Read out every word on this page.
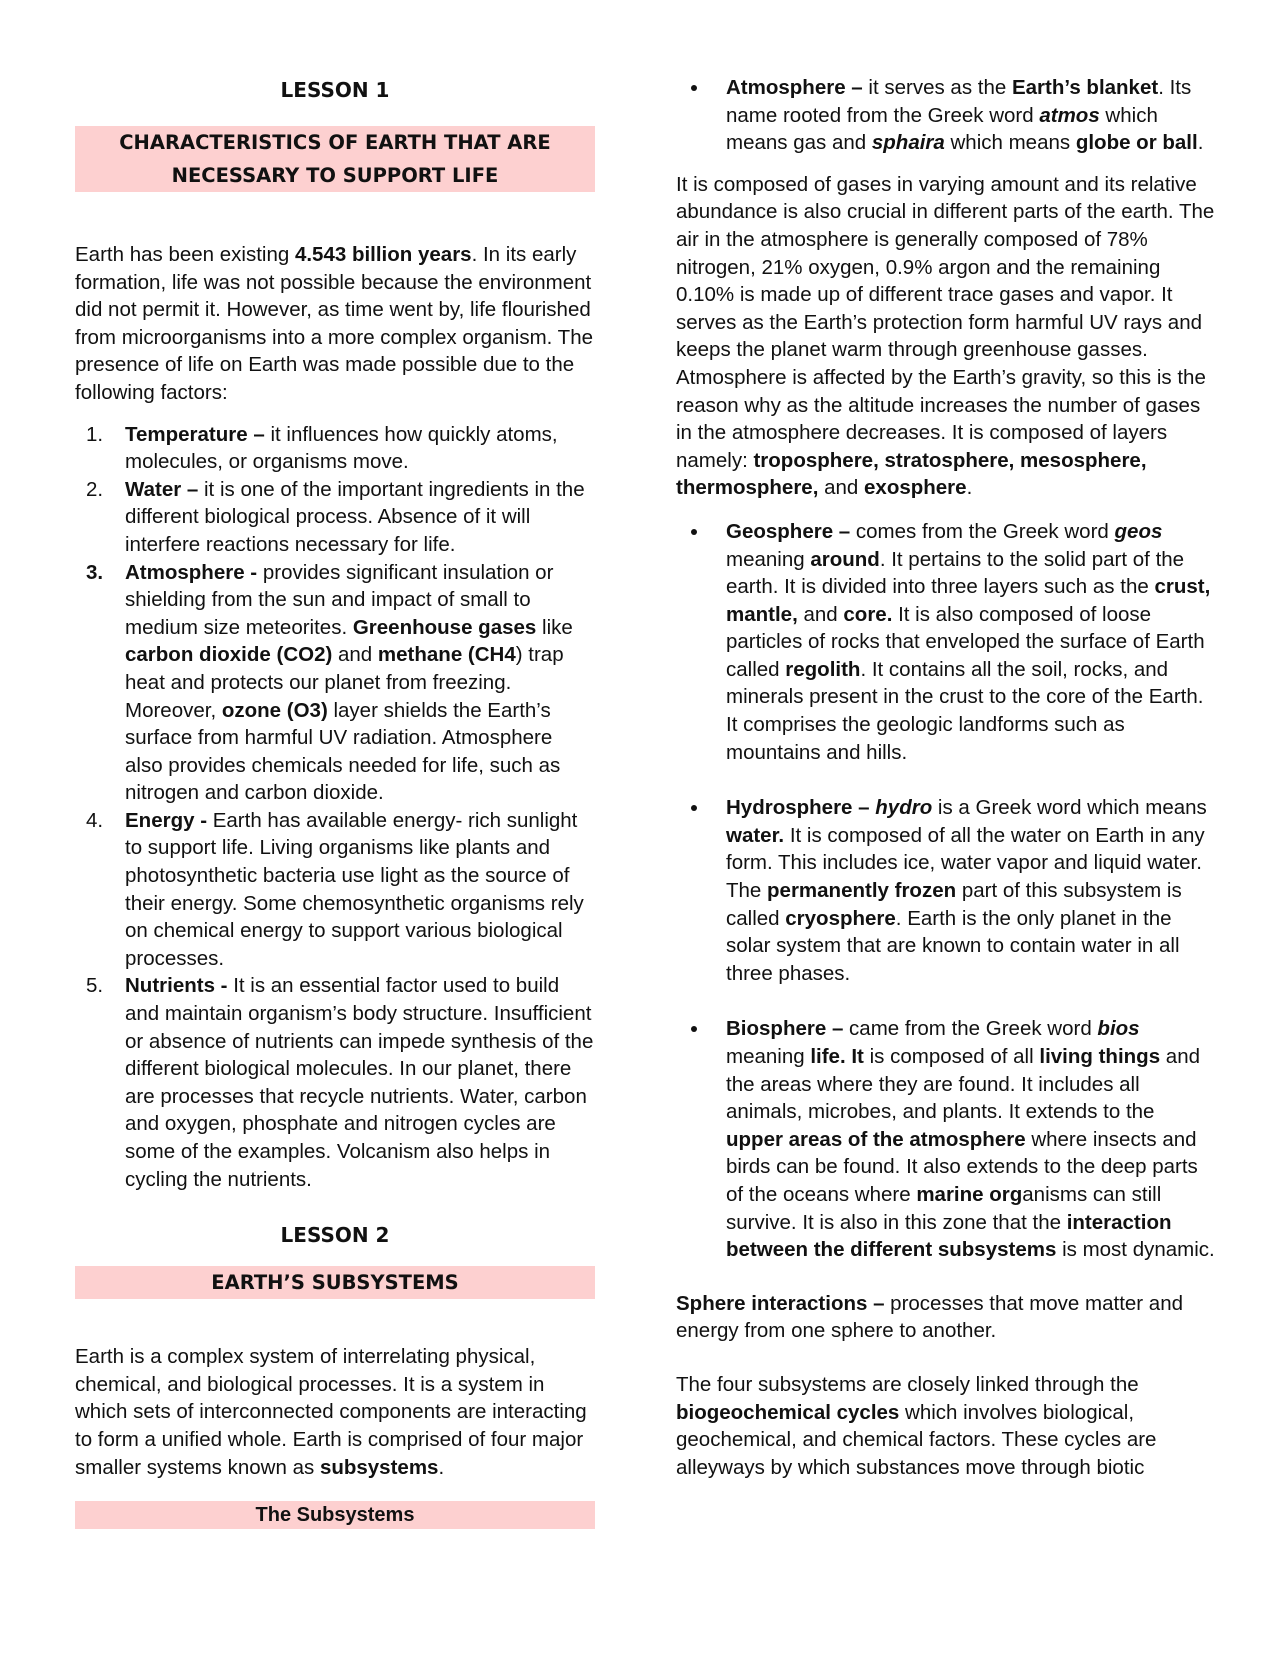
LESSON 1
CHARACTERISTICS OF EARTH THAT ARE
NECESSARY TO SUPPORT LIFE

Earth has been existing 4.543 billion years. In its early formation, life was not possible because the environment did not permit it. However, as time went by, life flourished from microorganisms into a more complex organism. The presence of life on Earth was made possible due to the following factors:

1. Temperature – it influences how quickly atoms, molecules, or organisms move.
2. Water – it is one of the important ingredients in the different biological process. Absence of it will interfere reactions necessary for life.
3. Atmosphere - provides significant insulation or shielding from the sun and impact of small to medium size meteorites. Greenhouse gases like carbon dioxide (CO2) and methane (CH4) trap heat and protects our planet from freezing. Moreover, ozone (O3) layer shields the Earth’s surface from harmful UV radiation. Atmosphere also provides chemicals needed for life, such as nitrogen and carbon dioxide.
4. Energy - Earth has available energy- rich sunlight to support life. Living organisms like plants and photosynthetic bacteria use light as the source of their energy. Some chemosynthetic organisms rely on chemical energy to support various biological processes.
5. Nutrients - It is an essential factor used to build and maintain organism’s body structure. Insufficient or absence of nutrients can impede synthesis of the different biological molecules. In our planet, there are processes that recycle nutrients. Water, carbon and oxygen, phosphate and nitrogen cycles are some of the examples. Volcanism also helps in cycling the nutrients.
LESSON 2
EARTH’S SUBSYSTEMS

Earth is a complex system of interrelating physical, chemical, and biological processes. It is a system in which sets of interconnected components are interacting to form a unified whole. Earth is comprised of four major smaller systems known as subsystems.

The Subsystems
Atmosphere – it serves as the Earth’s blanket. Its name rooted from the Greek word atmos which means gas and sphaira which means globe or ball.

It is composed of gases in varying amount and its relative abundance is also crucial in different parts of the earth. The air in the atmosphere is generally composed of 78% nitrogen, 21% oxygen, 0.9% argon and the remaining 0.10% is made up of different trace gases and vapor. It serves as the Earth’s protection form harmful UV rays and keeps the planet warm through greenhouse gasses. Atmosphere is affected by the Earth’s gravity, so this is the reason why as the altitude increases the number of gases in the atmosphere decreases. It is composed of layers namely: troposphere, stratosphere, mesosphere, thermosphere, and exosphere.

Geosphere – comes from the Greek word geos meaning around. It pertains to the solid part of the earth. It is divided into three layers such as the crust, mantle, and core. It is also composed of loose particles of rocks that enveloped the surface of Earth called regolith. It contains all the soil, rocks, and minerals present in the crust to the core of the Earth. It comprises the geologic landforms such as mountains and hills.
Hydrosphere – hydro is a Greek word which means water. It is composed of all the water on Earth in any form. This includes ice, water vapor and liquid water. The permanently frozen part of this subsystem is called cryosphere. Earth is the only planet in the solar system that are known to contain water in all three phases.
Biosphere – came from the Greek word bios meaning life. It is composed of all living things and the areas where they are found. It includes all animals, microbes, and plants. It extends to the upper areas of the atmosphere where insects and birds can be found. It also extends to the deep parts of the oceans where marine organisms can still survive. It is also in this zone that the interaction between the different subsystems is most dynamic.

Sphere interactions – processes that move matter and energy from one sphere to another.

The four subsystems are closely linked through the biogeochemical cycles which involves biological, geochemical, and chemical factors. These cycles are alleyways by which substances move through biotic
